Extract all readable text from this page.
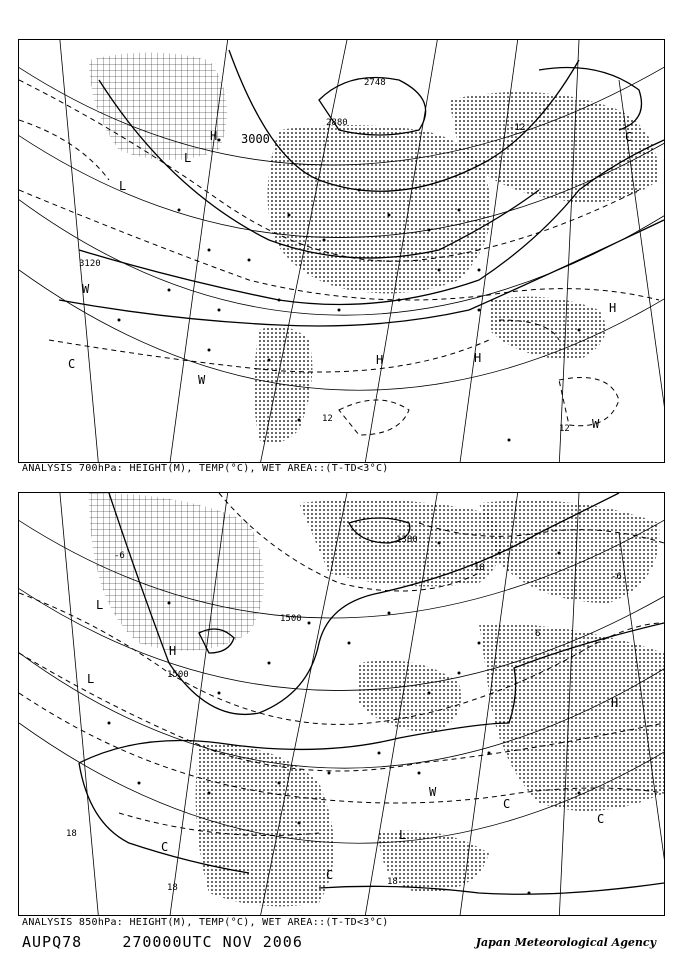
3000
2880
2748
3120
-12
12
12
H
H	H
H
L
L
C
C
W
W
W
ANALYSIS 700hPa: HEIGHT(M), TEMP(°C), WET AREA::(T-TD<3°C)
1380
1500
1500
-6
-6
18
18
18
18
6
H
H
L
L
L
C
C
C
C
W
ANALYSIS 850hPa: HEIGHT(M), TEMP(°C), WET AREA::(T-TD<3°C)
AUPQ78	270000UTC NOV 2006	Japan Meteorological Agency
